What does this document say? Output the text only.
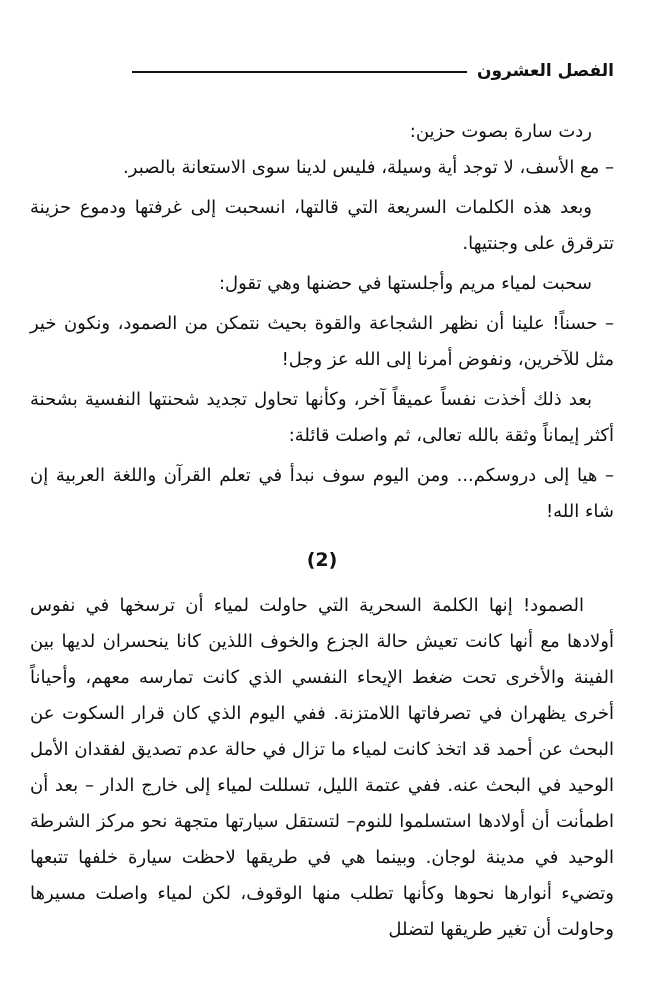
الفصل العشرون

ردت سارة بصوت حزين:

– مع الأسف، لا توجد أية وسيلة، فليس لدينا سوى الاستعانة بالصبر.

وبعد هذه الكلمات السريعة التي قالتها، انسحبت إلى غرفتها ودموع حزينة تترقرق على وجنتيها.

سحبت لمياء مريم وأجلستها في حضنها وهي تقول:

– حسناً! علينا أن نظهر الشجاعة والقوة بحيث نتمكن من الصمود، ونكون خير مثل للآخرين، ونفوض أمرنا إلى الله عز وجل!

بعد ذلك أخذت نفساً عميقاً آخر، وكأنها تحاول تجديد شحنتها النفسية بشحنة أكثر إيماناً وثقة بالله تعالى، ثم واصلت قائلة:

– هيا إلى دروسكم... ومن اليوم سوف نبدأ في تعلم القرآن واللغة العربية إن شاء الله!

(2)

الصمود! إنها الكلمة السحرية التي حاولت لمياء أن ترسخها في نفوس أولادها مع أنها كانت تعيش حالة الجزع والخوف اللذين كانا ينحسران لديها بين الفينة والأخرى تحت ضغط الإيحاء النفسي الذي كانت تمارسه معهم، وأحياناً أخرى يظهران في تصرفاتها اللامتزنة. ففي اليوم الذي كان قرار السكوت عن البحث عن أحمد قد اتخذ كانت لمياء ما تزال في حالة عدم تصديق لفقدان الأمل الوحيد في البحث عنه. ففي عتمة الليل، تسللت لمياء إلى خارج الدار – بعد أن اطمأنت أن أولادها استسلموا للنوم– لتستقل سيارتها متجهة نحو مركز الشرطة الوحيد في مدينة لوجان. وبينما هي في طريقها لاحظت سيارة خلفها تتبعها وتضيء أنوارها نحوها وكأنها تطلب منها الوقوف، لكن لمياء واصلت مسيرها وحاولت أن تغير طريقها لتضلل
